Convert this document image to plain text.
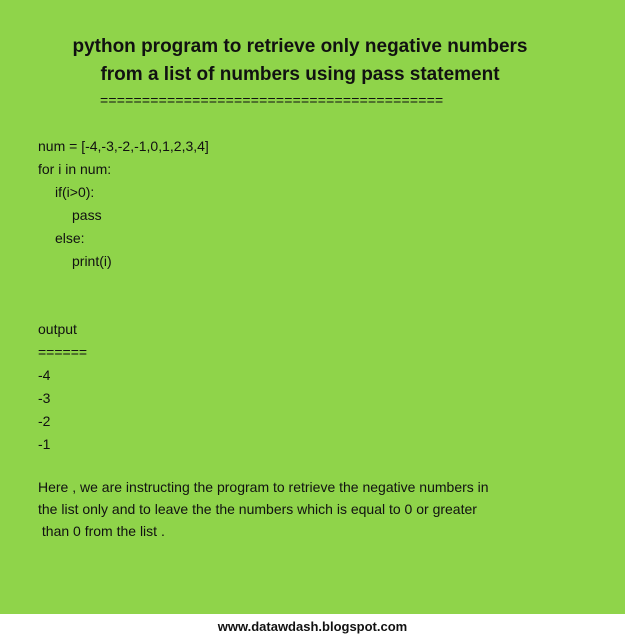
python program to retrieve only negative numbers
from a list of numbers using pass statement

=========================================

num = [-4,-3,-2,-1,0,1,2,3,4]

for i in num:

if(i>0):

pass

else:

print(i)

output

======

-4

-3

-2

-1

Here , we are instructing the program to retrieve the negative numbers in
the list only and to leave the the numbers which is equal to 0 or greater
than 0 from the list .

www.datawdash.blogspot.com
